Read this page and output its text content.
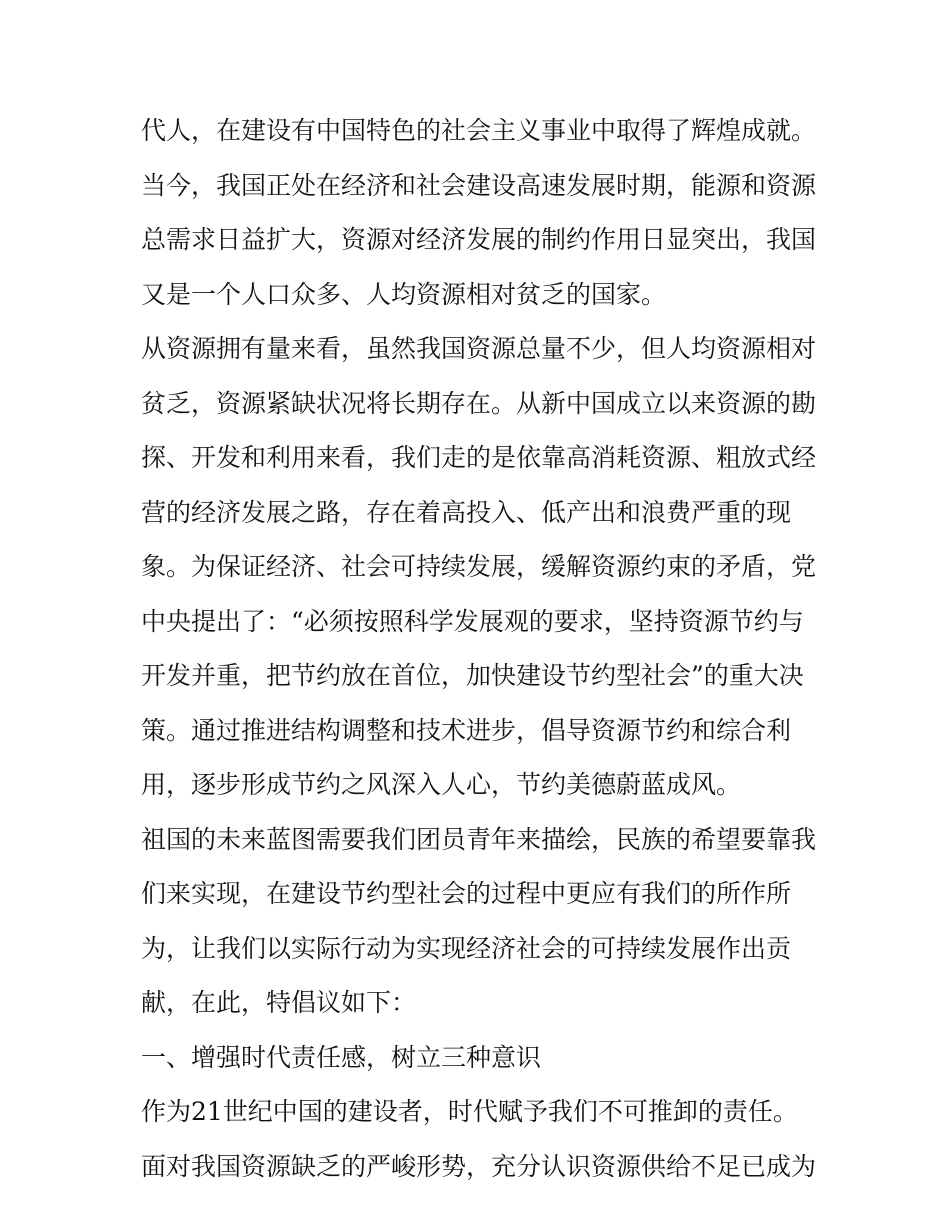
代人，在建设有中国特色的社会主义事业中取得了辉煌成就。
当今，我国正处在经济和社会建设高速发展时期，能源和资源
总需求日益扩大，资源对经济发展的制约作用日显突出，我国
又是一个人口众多、人均资源相对贫乏的国家。
从资源拥有量来看，虽然我国资源总量不少，但人均资源相对
贫乏，资源紧缺状况将长期存在。从新中国成立以来资源的勘
探、开发和利用来看，我们走的是依靠高消耗资源、粗放式经
营的经济发展之路，存在着高投入、低产出和浪费严重的现
象。为保证经济、社会可持续发展，缓解资源约束的矛盾，党
中央提出了：“必须按照科学发展观的要求，坚持资源节约与
开发并重，把节约放在首位，加快建设节约型社会”的重大决
策。通过推进结构调整和技术进步，倡导资源节约和综合利
用，逐步形成节约之风深入人心，节约美德蔚蓝成风。
祖国的未来蓝图需要我们团员青年来描绘，民族的希望要靠我
们来实现，在建设节约型社会的过程中更应有我们的所作所
为，让我们以实际行动为实现经济社会的可持续发展作出贡
献，在此，特倡议如下：
一、增强时代责任感，树立三种意识
作为21世纪中国的建设者，时代赋予我们不可推卸的责任。
面对我国资源缺乏的严峻形势，充分认识资源供给不足已成为
